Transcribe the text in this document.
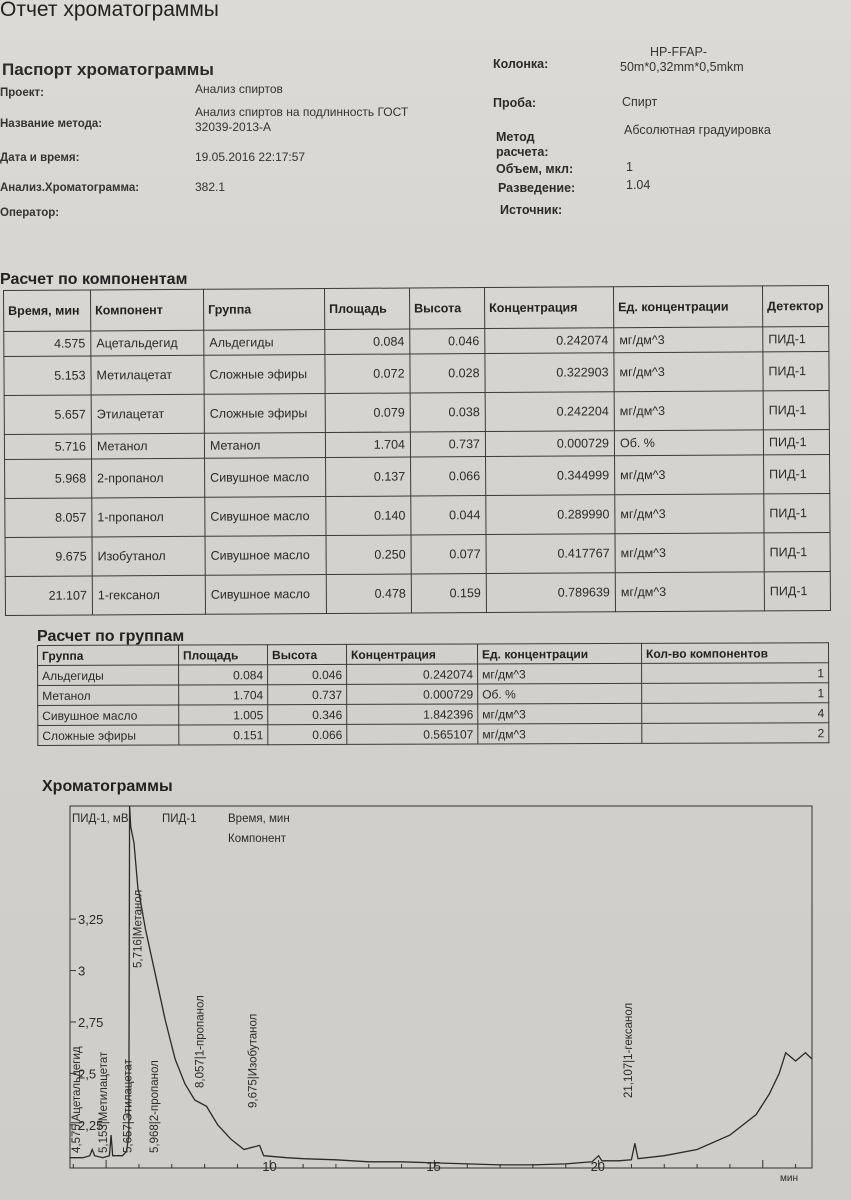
Отчет хроматограммы
Паспорт хроматограммы
Проект:	Анализ спиртов
Название метода:
Анализ спиртов на подлинность ГОСТ
32039-2013-А
Дата и время:	19.05.2016 22:17:57
Анализ.Хроматограмма:	382.1
Оператор:
Колонка:
HP-FFAP-
50m*0,32mm*0,5mkm
Проба:	Спирт
Метод
расчета:
Абсолютная градуировка
Объем, мкл:	1
Разведение:	1.04
Источник:
Расчет по компонентам
Время, мин	Компонент	Группа	Площадь	Высота	Концентрация	Ед. концентрации	Детектор
4.575	Ацетальдегид	Альдегиды	0.084	0.046	0.242074	мг/дм^3	ПИД-1
5.153	Метилацетат	Сложные эфиры	0.072	0.028	0.322903	мг/дм^3	ПИД-1
5.657	Этилацетат	Сложные эфиры	0.079	0.038	0.242204	мг/дм^3	ПИД-1
5.716	Метанол	Метанол	1.704	0.737	0.000729	Об. %	ПИД-1
5.968	2-пропанол	Сивушное масло	0.137	0.066	0.344999	мг/дм^3	ПИД-1
8.057	1-пропанол	Сивушное масло	0.140	0.044	0.289990	мг/дм^3	ПИД-1
9.675	Изобутанол	Сивушное масло	0.250	0.077	0.417767	мг/дм^3	ПИД-1
21.107	1-гексанол	Сивушное масло	0.478	0.159	0.789639	мг/дм^3	ПИД-1
Расчет по группам
Группа	Площадь	Высота	Концентрация	Ед. концентрации	Кол-во компонентов
Альдегиды	0.084	0.046	0.242074	мг/дм^3	1
Метанол	1.704	0.737	0.000729	Об. %	1
Сивушное масло	1.005	0.346	1.842396	мг/дм^3	4
Сложные эфиры	0.151	0.066	0.565107	мг/дм^3	2
Хроматограммы
2,25
2,5
2,75
3
3,25
10	15	20
мин
ПИД-1, мВ	ПИД-1	Время, мин
Компонент
4,575|Ацетальдегид 5,153|Метилацетат 5,657|Этилацетат
5,716|Метанол
5,968|2-пропанол
8,057|1-пропанол	9,675|Изобутанол	21,107|1-гексанол
